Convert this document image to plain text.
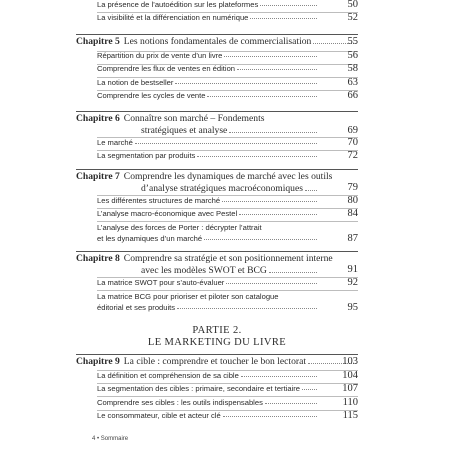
La présence de l’autoédition sur les plateformes	50
La visibilité et la différenciation en numérique	52
Chapitre 5 Les notions fondamentales de commercialisation	55
Répartition du prix de vente d’un livre	56
Comprendre les flux de ventes en édition	58
La notion de bestseller	63
Comprendre les cycles de vente	66
Chapitre 6 Connaître son marché – Fondements
stratégiques et analyse	69
Le marché	70
La segmentation par produits	72
Chapitre 7 Comprendre les dynamiques de marché avec les outils
d’analyse stratégiques macroéconomiques	79
Les différentes structures de marché	80
L’analyse macro-économique avec Pestel	84
L’analyse des forces de Porter : décrypter l’attrait
et les dynamiques d’un marché	87
Chapitre 8 Comprendre sa stratégie et son positionnement interne
avec les modèles SWOT et BCG	91
La matrice SWOT pour s’auto-évaluer	92
La matrice BCG pour prioriser et piloter son catalogue
éditorial et ses produits	95
PARTIE 2.
LE MARKETING DU LIVRE
Chapitre 9 La cible : comprendre et toucher le bon lectorat	103
La définition et compréhension de sa cible	104
La segmentation des cibles : primaire, secondaire et tertiaire	107
Comprendre ses cibles : les outils indispensables	110
Le consommateur, cible et acteur clé	115
4 • Sommaire
